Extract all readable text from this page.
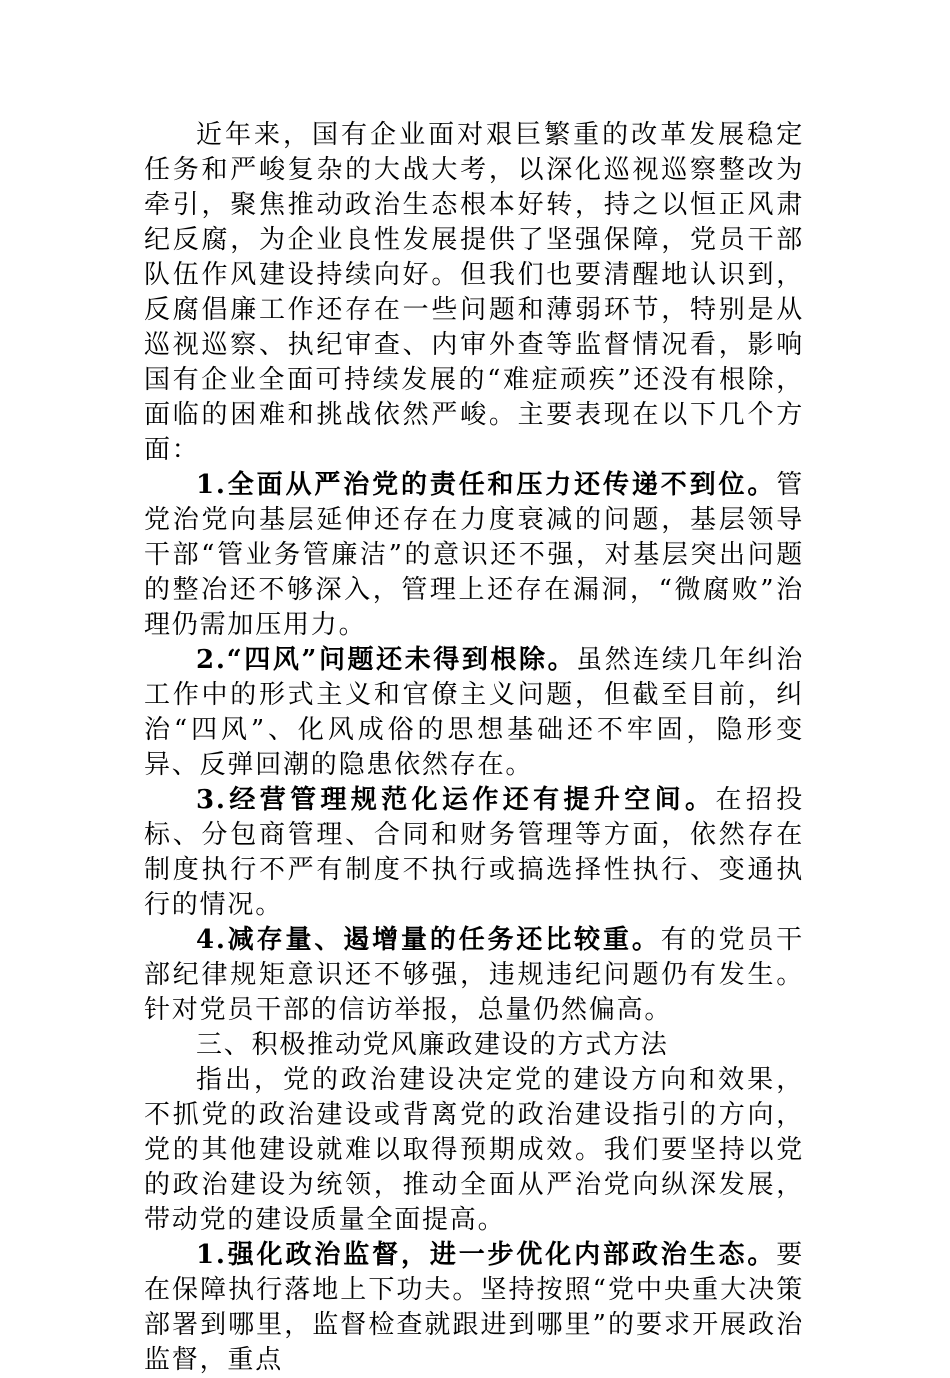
近年来，国有企业面对艰巨繁重的改革发展稳定任务和严峻复杂的大战大考，以深化巡视巡察整改为牵引，聚焦推动政治生态根本好转，持之以恒正风肃纪反腐，为企业良性发展提供了坚强保障，党员干部队伍作风建设持续向好。但我们也要清醒地认识到，反腐倡廉工作还存在一些问题和薄弱环节，特别是从巡视巡察、执纪审查、内审外查等监督情况看，影响国有企业全面可持续发展的“难症顽疾”还没有根除，面临的困难和挑战依然严峻。主要表现在以下几个方面：

1.全面从严治党的责任和压力还传递不到位。管党治党向基层延伸还存在力度衰减的问题，基层领导干部“管业务管廉洁”的意识还不强，对基层突出问题的整冶还不够深入，管理上还存在漏洞，“微腐败”治理仍需加压用力。

2.“四风”问题还未得到根除。虽然连续几年纠治工作中的形式主义和官僚主义问题，但截至目前，纠治“四风”、化风成俗的思想基础还不牢固，隐形变异、反弹回潮的隐患依然存在。

3.经营管理规范化运作还有提升空间。在招投标、分包商管理、合同和财务管理等方面，依然存在制度执行不严有制度不执行或搞选择性执行、变通执行的情况。

4.减存量、遏增量的任务还比较重。有的党员干部纪律规矩意识还不够强，违规违纪问题仍有发生。针对党员干部的信访举报，总量仍然偏高。

三、积极推动党风廉政建设的方式方法

指出，党的政治建设决定党的建设方向和效果，不抓党的政治建设或背离党的政治建设指引的方向，党的其他建设就难以取得预期成效。我们要坚持以党的政治建设为统领，推动全面从严治党向纵深发展，带动党的建设质量全面提高。

1.强化政治监督，进一步优化内部政治生态。要在保障执行落地上下功夫。坚持按照“党中央重大决策部署到哪里，监督检查就跟进到哪里”的要求开展政治监督，重点
